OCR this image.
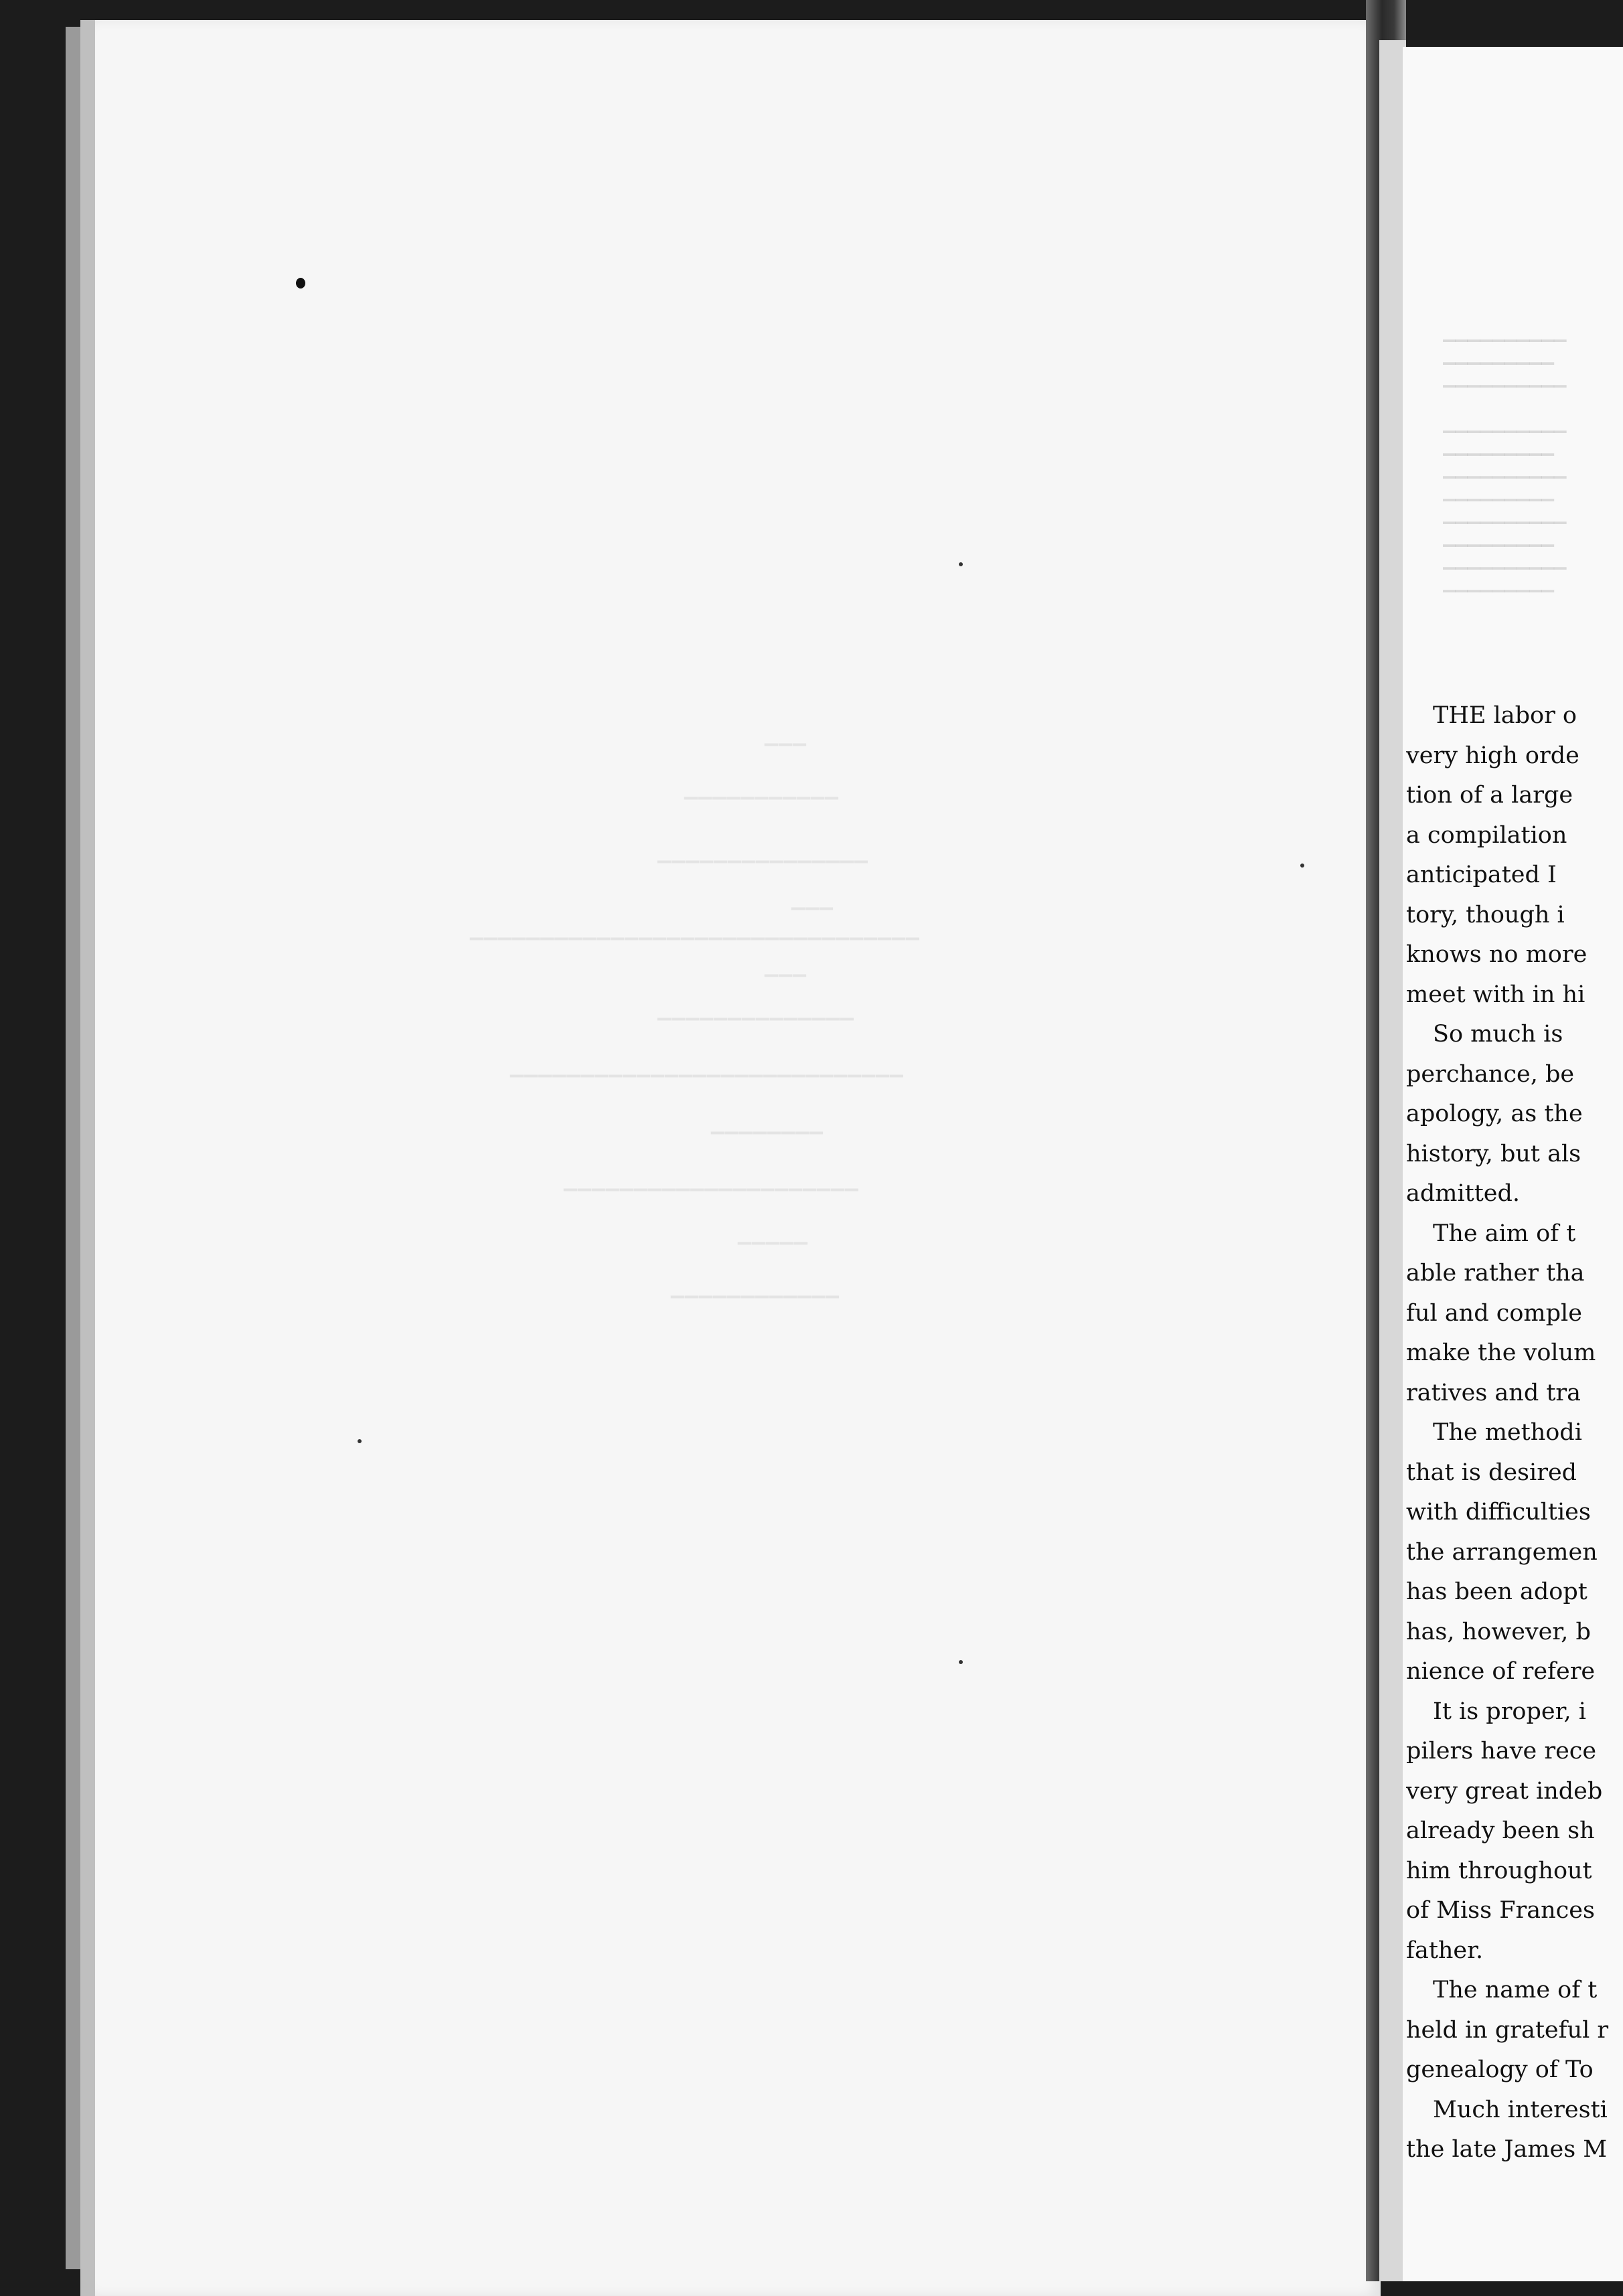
▁▁▁
▁▁▁▁▁▁▁▁▁▁▁
▁▁▁▁▁▁▁▁▁▁▁▁▁▁▁
▁▁▁
▁▁▁▁▁▁▁▁▁▁▁▁▁▁▁▁▁▁▁▁▁▁▁▁▁▁▁▁▁▁▁▁
▁▁▁
▁▁▁▁▁▁▁▁▁▁▁▁▁▁
▁▁▁▁▁▁▁▁▁▁▁▁▁▁▁▁▁▁▁▁▁▁▁▁▁▁▁▁
▁▁▁▁▁▁▁▁
▁▁▁▁▁▁▁▁▁▁▁▁▁▁▁▁▁▁▁▁▁
▁▁▁▁▁
▁▁▁▁▁▁▁▁▁▁▁▁
▁▁▁▁▁▁▁▁▁▁
▁▁▁▁▁▁▁▁▁
▁▁▁▁▁▁▁▁▁▁

▁▁▁▁▁▁▁▁▁▁
▁▁▁▁▁▁▁▁▁
▁▁▁▁▁▁▁▁▁▁
▁▁▁▁▁▁▁▁▁
▁▁▁▁▁▁▁▁▁▁
▁▁▁▁▁▁▁▁▁
▁▁▁▁▁▁▁▁▁▁
▁▁▁▁▁▁▁▁▁
THE labor o
very high orde
tion of a large
a compilation
anticipated I
tory, though i
knows no more
meet with in hi
So much is
perchance, be
apology, as the
history, but als
admitted.
The aim of t
able rather tha
ful and comple
make the volum
ratives and tra
The methodi
that is desired
with difficulties
the arrangemen
has been adopt
has, however, b
nience of refere
It is proper, i
pilers have rece
very great indeb
already been sh
him throughout
of Miss Frances
father.
The name of t
held in grateful r
genealogy of To
Much interesti
the late James M
